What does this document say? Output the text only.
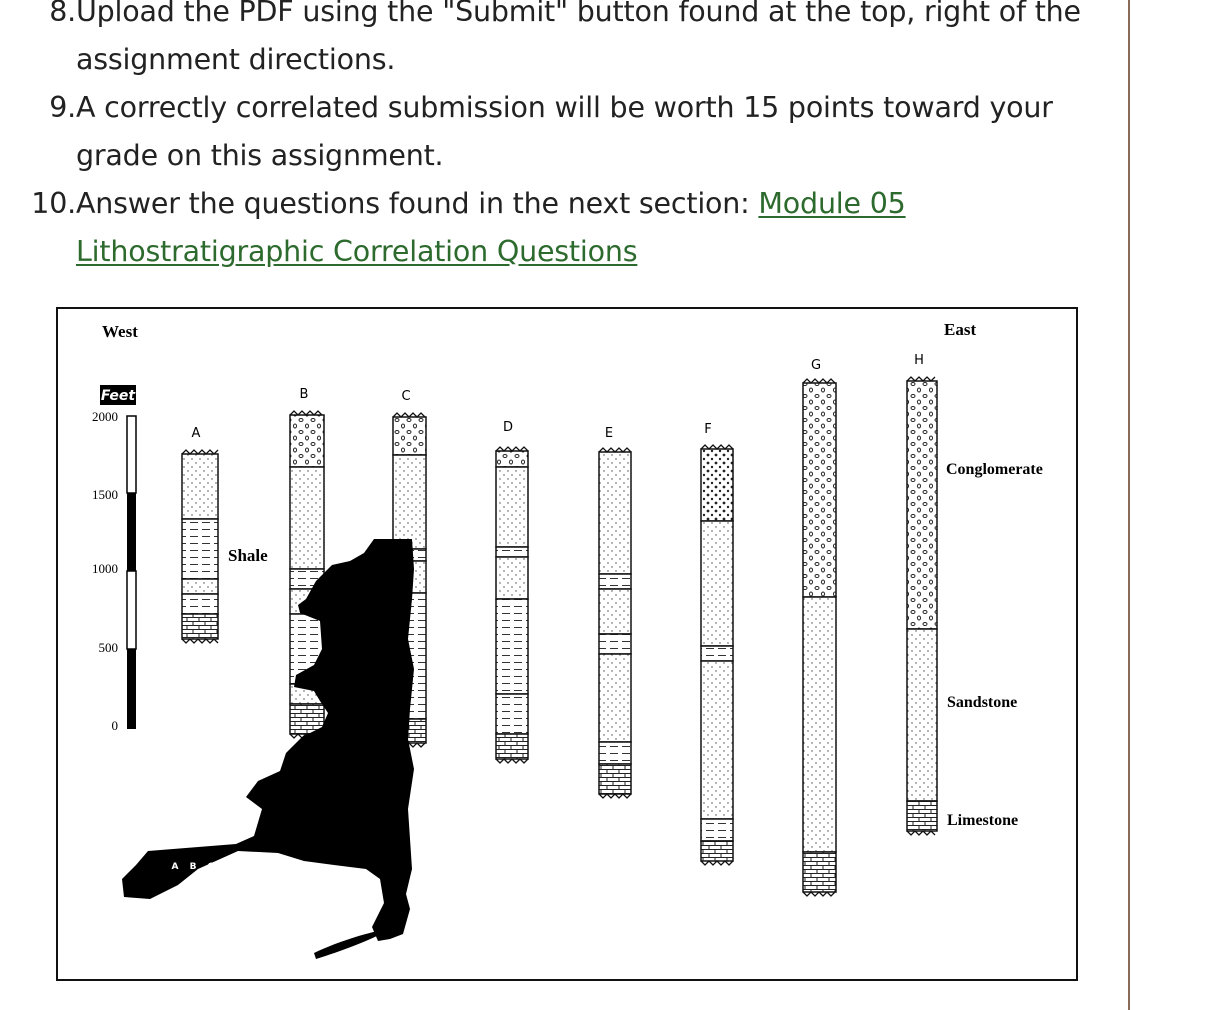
8. Upload the PDF using the "Submit" button found at the top, right of the assignment directions.
9. A correctly correlated submission will be worth 15 points toward your grade on this assignment.
10. Answer the questions found in the next section: Module 05 Lithostratigraphic Correlation Questions
West	East
Feet
2000
1500
1000
500
0
A
Shale
B	C
D	E	F
G	H
Conglomerate
Sandstone
Limestone
A B C D E F G H
